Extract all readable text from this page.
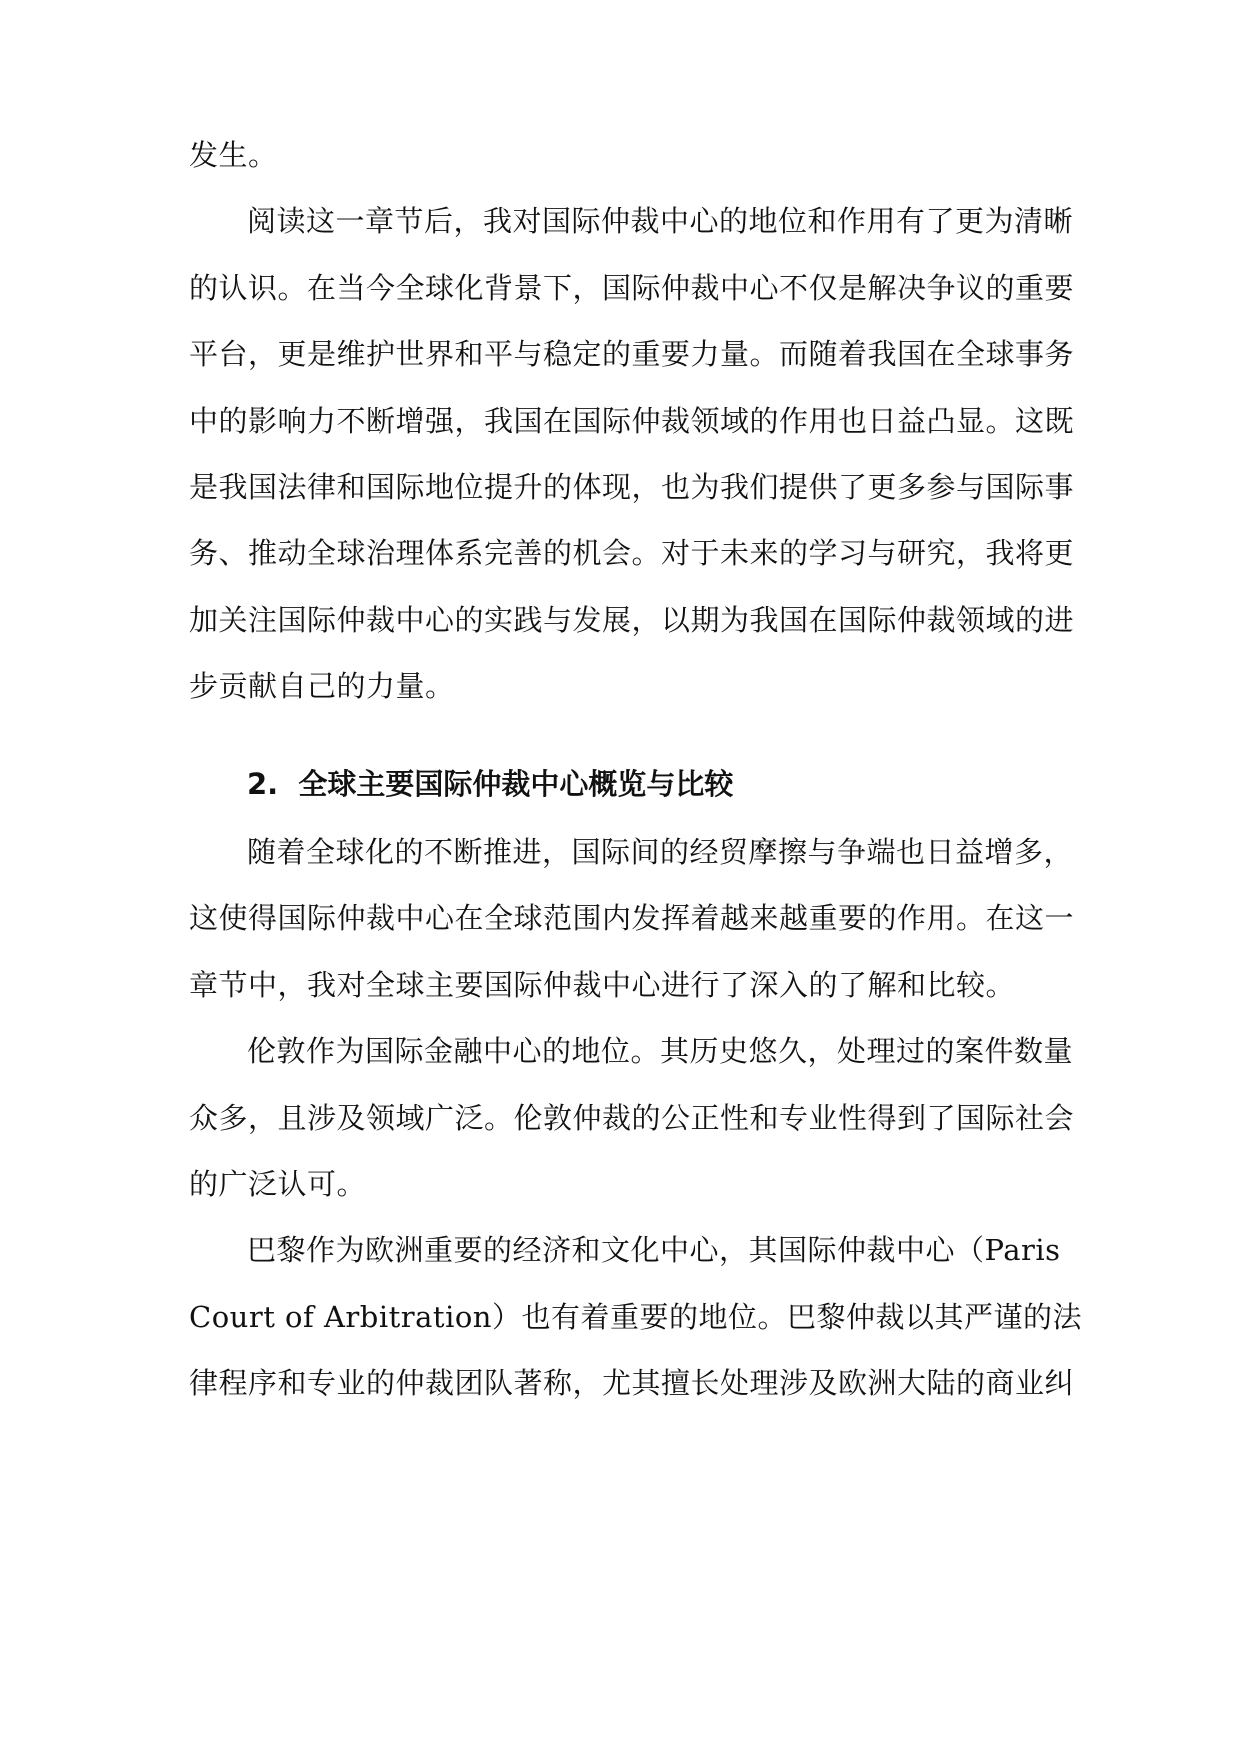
发生。
阅读这一章节后，我对国际仲裁中心的地位和作用有了更为清晰
的认识。在当今全球化背景下，国际仲裁中心不仅是解决争议的重要
平台，更是维护世界和平与稳定的重要力量。而随着我国在全球事务
中的影响力不断增强，我国在国际仲裁领域的作用也日益凸显。这既
是我国法律和国际地位提升的体现，也为我们提供了更多参与国际事
务、推动全球治理体系完善的机会。对于未来的学习与研究，我将更
加关注国际仲裁中心的实践与发展，以期为我国在国际仲裁领域的进
步贡献自己的力量。
2.  全球主要国际仲裁中心概览与比较
随着全球化的不断推进，国际间的经贸摩擦与争端也日益增多，
这使得国际仲裁中心在全球范围内发挥着越来越重要的作用。在这一
章节中，我对全球主要国际仲裁中心进行了深入的了解和比较。
伦敦作为国际金融中心的地位。其历史悠久，处理过的案件数量
众多，且涉及领域广泛。伦敦仲裁的公正性和专业性得到了国际社会
的广泛认可。
巴黎作为欧洲重要的经济和文化中心，其国际仲裁中心（Paris
Court of Arbitration）也有着重要的地位。巴黎仲裁以其严谨的法
律程序和专业的仲裁团队著称，尤其擅长处理涉及欧洲大陆的商业纠
